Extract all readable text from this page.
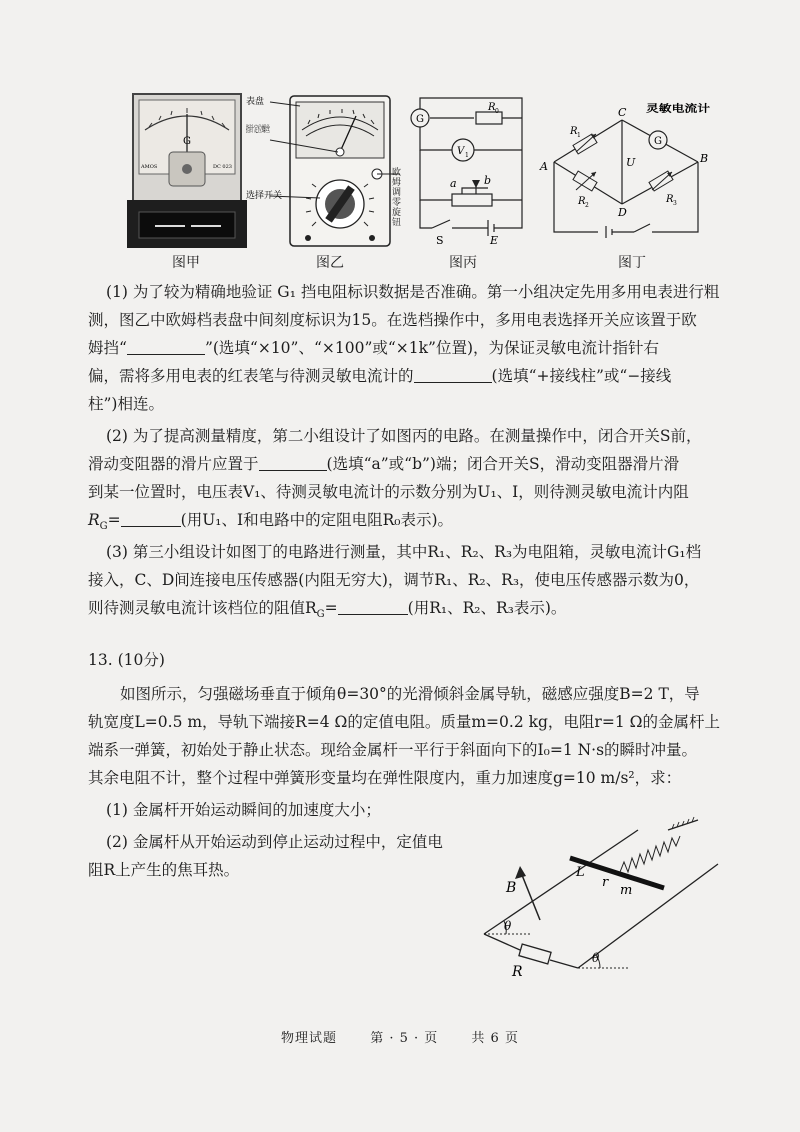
G
AMOS	DC 023
图甲
表盘
指针定位螺丝
选择开关
欧姆调零旋钮
图乙
G
V 1
R 0
a b
S	E
图丙
G
灵敏电流计
A
B
C
D
U
R 1
R 2
R 3
图丁
(1) 为了较为精确地验证 G₁ 挡电阻标识数据是否准确。第一小组决定先用多用电表进行粗
测，图乙中欧姆档表盘中间刻度标识为15。在选档操作中，多用电表选择开关应该置于欧
姆挡“	”(选填“×10”、“×100”或“×1k”位置)，为保证灵敏电流计指针右
偏，需将多用电表的红表笔与待测灵敏电流计的	(选填“+接线柱”或“−接线
柱”)相连。
(2) 为了提高测量精度，第二小组设计了如图丙的电路。在测量操作中，闭合开关S前，
滑动变阻器的滑片应置于	(选填“a”或“b”)端；闭合开关S，滑动变阻器滑片滑
到某一位置时，电压表V₁、待测灵敏电流计的示数分别为U₁、I，则待测灵敏电流计内阻
$R_G=$	(用U₁、I和电路中的定阻电阻R₀表示)。
(3) 第三小组设计如图丁的电路进行测量，其中R₁、R₂、R₃为电阻箱，灵敏电流计G₁档
接入，C、D间连接电压传感器(内阻无穷大)，调节R₁、R₂、R₃，使电压传感器示数为0，
则待测灵敏电流计该档位的阻值$R_G=$	(用R₁、R₂、R₃表示)。
13. (10分)
如图所示，匀强磁场垂直于倾角θ=30°的光滑倾斜金属导轨，磁感应强度B=2 T，导
轨宽度L=0.5 m，导轨下端接R=4 Ω的定值电阻。质量m=0.2 kg，电阻r=1 Ω的金属杆上
端系一弹簧，初始处于静止状态。现给金属杆一平行于斜面向下的I₀=1 N·s的瞬时冲量。
其余电阻不计，整个过程中弹簧形变量均在弹性限度内，重力加速度g=10 m/s²，求：
(1) 金属杆开始运动瞬间的加速度大小；
(2) 金属杆从开始运动到停止运动过程中，定值电
阻R上产生的焦耳热。
B
L
r
m
R
θ
θ
物理试题	第 · 5 · 页	共 6 页
